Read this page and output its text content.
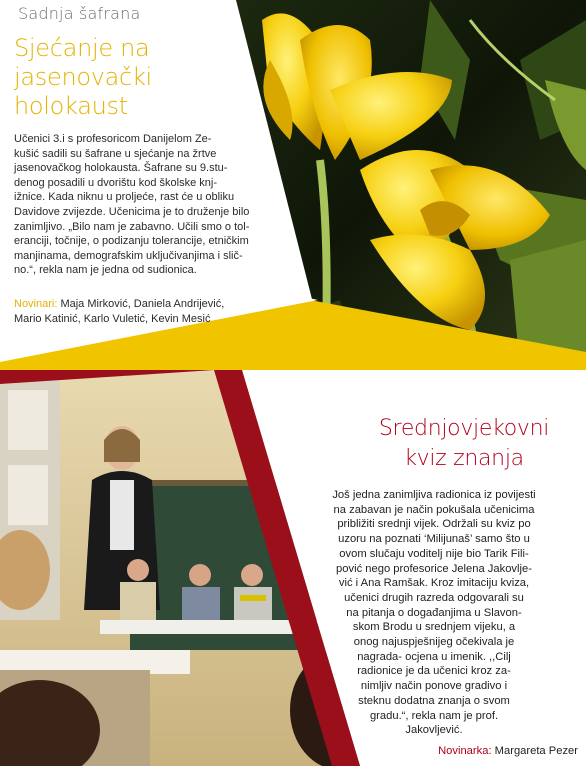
Sadnja šafrana
Sjećanje na
jasenovački
holokaust

Učenici 3.i s profesoricom Danijelom Ze-
kušić sadili su šafrane u sjećanje na žrtve
jasenovačkog holokausta. Šafrane su 9.stu-
denog posadili u dvorištu kod školske knj-
ižnice. Kada niknu u proljeće, rast će u obliku
Davidove zvijezde. Učenicima je to druženje bilo
zanimljivo. „Bilo nam je zabavno. Učili smo o tol-
eranciji, točnije, o podizanju tolerancije, etničkim
manjinama, demografskim uključivanjima i slič-
no.“, rekla nam je jedna od sudionica.

Novinari: Maja Mirković, Daniela Andrijević,
Mario Katinić, Karlo Vuletić, Kevin Mesić
Srednjovjekovni
kviz znanja

Još jedna zanimljiva radionica iz povijesti
na zabavan je način pokušala učenicima
približiti srednji vijek. Održali su kviz po
uzoru na poznati ‘Milijunaš’ samo što u
ovom slučaju voditelj nije bio Tarik Fili-
pović nego profesorice Jelena Jakovlje-
vić i Ana Ramšak. Kroz imitaciju kviza,
učenici drugih razreda odgovarali su
na pitanja o događanjima u Slavon-
skom Brodu u srednjem vijeku, a
onog najuspješnijeg očekivala je
nagrada- ocjena u imenik. ,,Cilj
radionice je da učenici kroz za-
nimljiv način ponove gradivo i
steknu dodatna znanja o svom
gradu.“, rekla nam je prof.
Jakovljević.

Novinarka: Margareta Pezer
